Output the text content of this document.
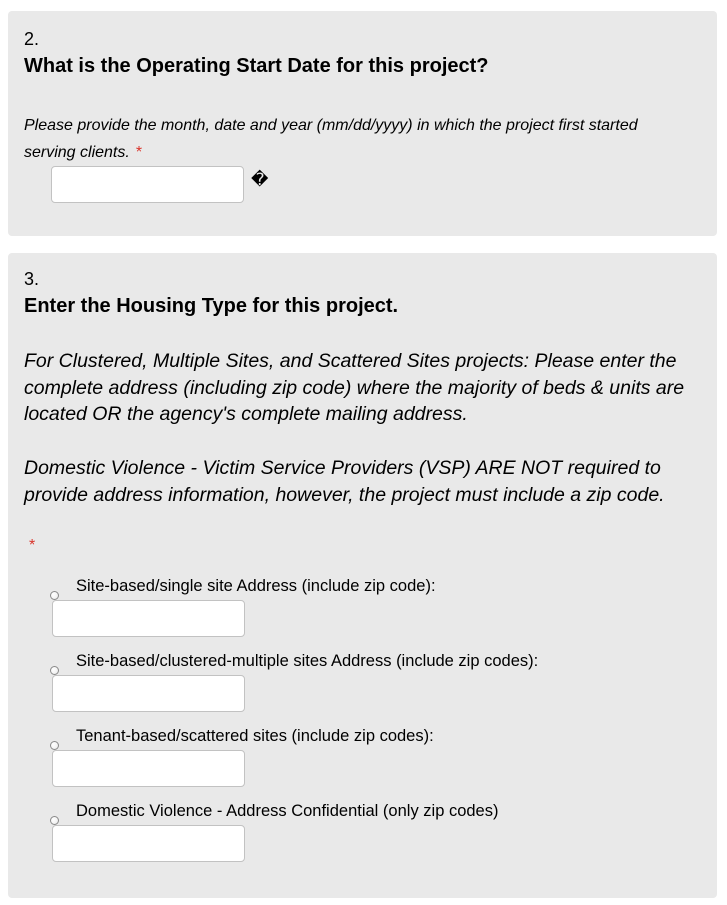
2.
What is the Operating Start Date for this project?
Please provide the month, date and year (mm/dd/yyyy) in which the project first started
serving clients. *
�
3.
Enter the Housing Type for this project.
For Clustered, Multiple Sites, and Scattered Sites projects: Please enter the
complete address (including zip code) where the majority of beds & units are
located OR the agency's complete mailing address.
Domestic Violence - Victim Service Providers (VSP) ARE NOT required to
provide address information, however, the project must include a zip code.
*
Site-based/single site Address (include zip code):
Site-based/clustered-multiple sites Address (include zip codes):
Tenant-based/scattered sites (include zip codes):
Domestic Violence - Address Confidential (only zip codes)
